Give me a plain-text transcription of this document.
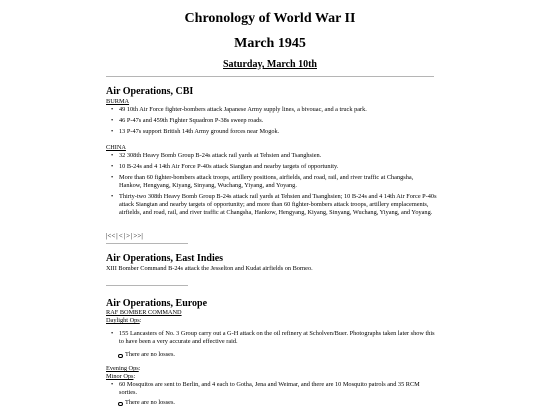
Chronology of World War II
March 1945
Saturday, March 10th
Air Operations, CBI
BURMA
• 49 10th Air Force fighter-bombers attack Japanese Army supply lines, a bivouac, and a truck park.
• 46 P-47s and 459th Fighter Squadron P-38s sweep roads.
• 13 P-47s support British 14th Army ground forces near Mogok.
CHINA
• 32 308th Heavy Bomb Group B-24s attack rail yards at Tehsien and Tsanghsien.
• 10 B-24s and 4 14th Air Force P-40s attack Siangtan and nearby targets of opportunity.
• More than 60 fighter-bombers attack troops, artillery positions, airfields, and road, rail, and river traffic at Changsha, Hankow, Hengyang, Kiyang, Sinyang, Wuchang, Yiyang, and Yoyang.
• Thirty-two 308th Heavy Bomb Group B-24s attack rail yards at Tehsien and Tsanghsien; 10 B-24s and 4 14th Air Force P-40s attack Siangtan and nearby targets of opportunity; and more than 60 fighter-bombers attack troops, artillery emplacements, airfields, and road, rail, and river traffic at Changsha, Hankow, Hengyang, Kiyang, Sinyang, Wuchang, Yiyang, and Yoyang.
|<< | < | > | >>|
Air Operations, East Indies
XIII Bomber Command B-24s attack the Jesselton and Kudat airfields on Borneo.
Air Operations, Europe
RAF BOMBER COMMAND
Daylight Ops:
• 155 Lancasters of No. 3 Group carry out a G-H attack on the oil refinery at Scholven/Buer. Photographs taken later show this to have been a very accurate and effective raid.
There are no losses.
Evening Ops:
Minor Ops:
• 60 Mosquitos are sent to Berlin, and 4 each to Gotha, Jena and Weimar, and there are 10 Mosquito patrols and 35 RCM sorties.
There are no losses.
